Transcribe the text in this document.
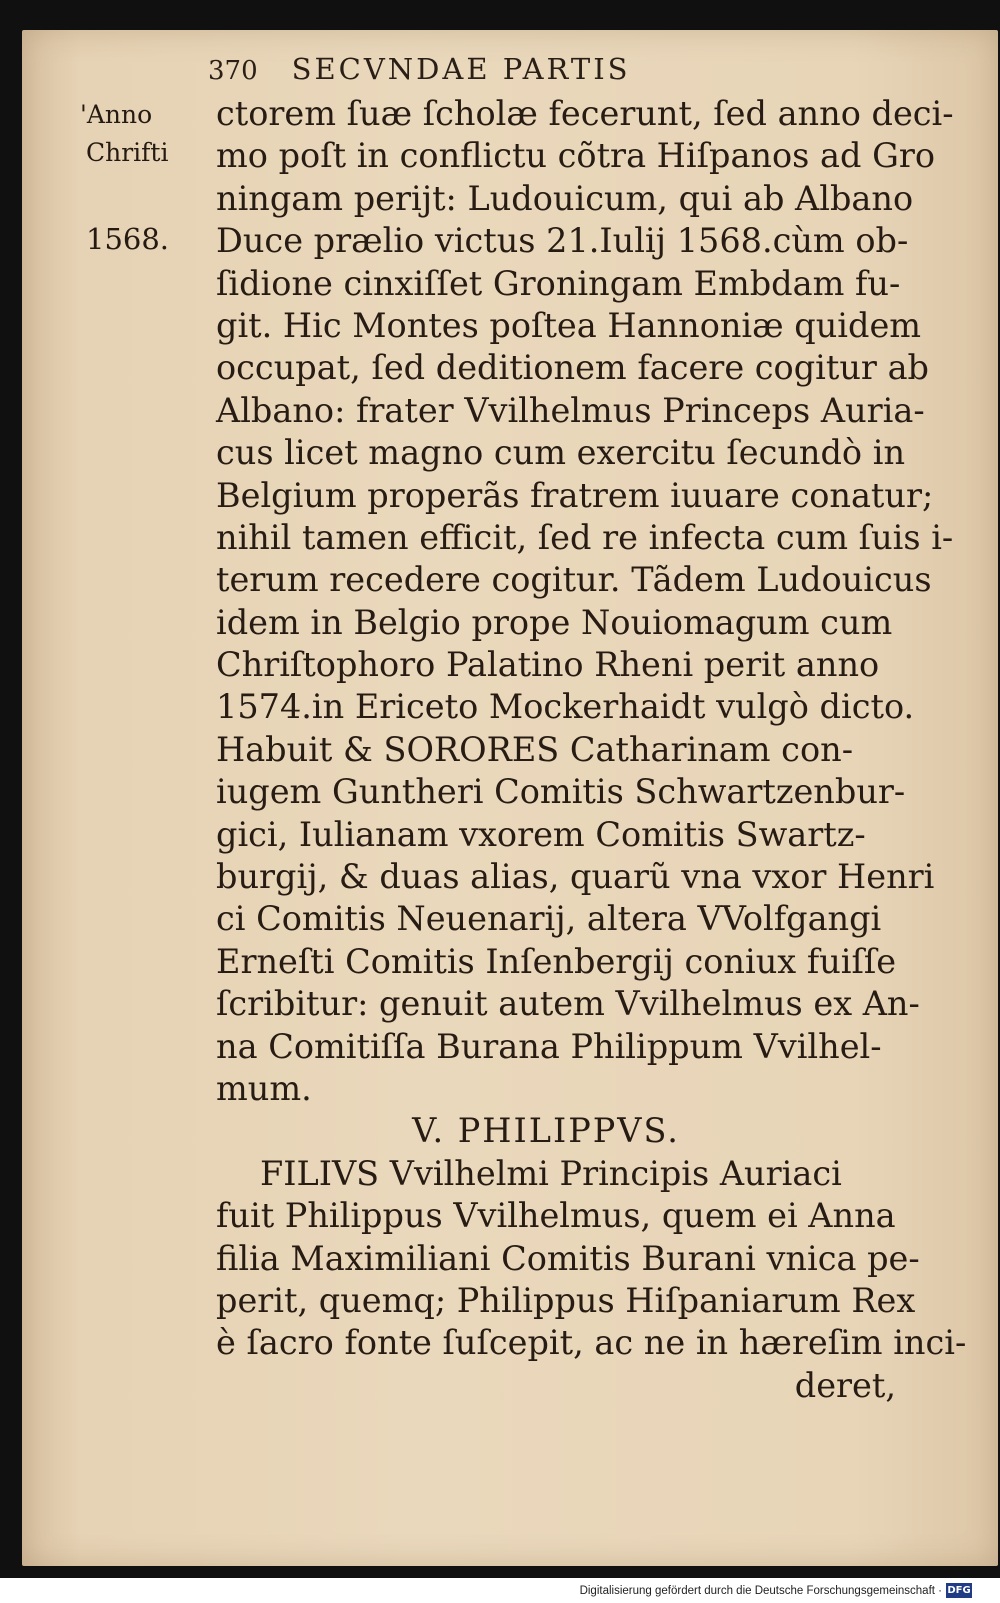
370 SECVNDAE PARTIS
'Anno
Chrifti
1568.
ctorem ſuæ ſcholæ fecerunt, ſed anno deci-
mo poſt in conflictu cõtra Hiſpanos ad Gro
ningam perijt: Ludouicum, qui ab Albano
Duce prælio victus 21.Iulij 1568.cùm ob-
ſidione cinxiſſet Groningam Embdam fu-
git. Hic Montes poſtea Hannoniæ quidem
occupat, ſed deditionem facere cogitur ab
Albano: frater Vvilhelmus Princeps Auria-
cus licet magno cum exercitu ſecundò in
Belgium properãs fratrem iuuare conatur;
nihil tamen efficit, ſed re infecta cum ſuis i-
terum recedere cogitur. Tãdem Ludouicus
idem in Belgio prope Nouiomagum cum
Chriſtophoro Palatino Rheni perit anno
1574.in Ericeto Mockerhaidt vulgò dicto.
Habuit & SORORES Catharinam con-
iugem Guntheri Comitis Schwartzenbur-
gici, Iulianam vxorem Comitis Swartz-
burgij, & duas alias, quarũ vna vxor Henri
ci Comitis Neuenarij, altera VVolfgangi
Erneſti Comitis Inſenbergij coniux fuiſſe
ſcribitur: genuit autem Vvilhelmus ex An-
na Comitiſſa Burana Philippum Vvilhel-
mum.
V. PHILIPPVS.
FILIVS Vvilhelmi Principis Auriaci
fuit Philippus Vvilhelmus, quem ei Anna
filia Maximiliani Comitis Burani vnica pe-
perit, quemq; Philippus Hiſpaniarum Rex
è ſacro fonte ſuſcepit, ac ne in hæreſim inci-
deret,
Digitalisierung gefördert durch die Deutsche Forschungsgemeinschaft · DFG
